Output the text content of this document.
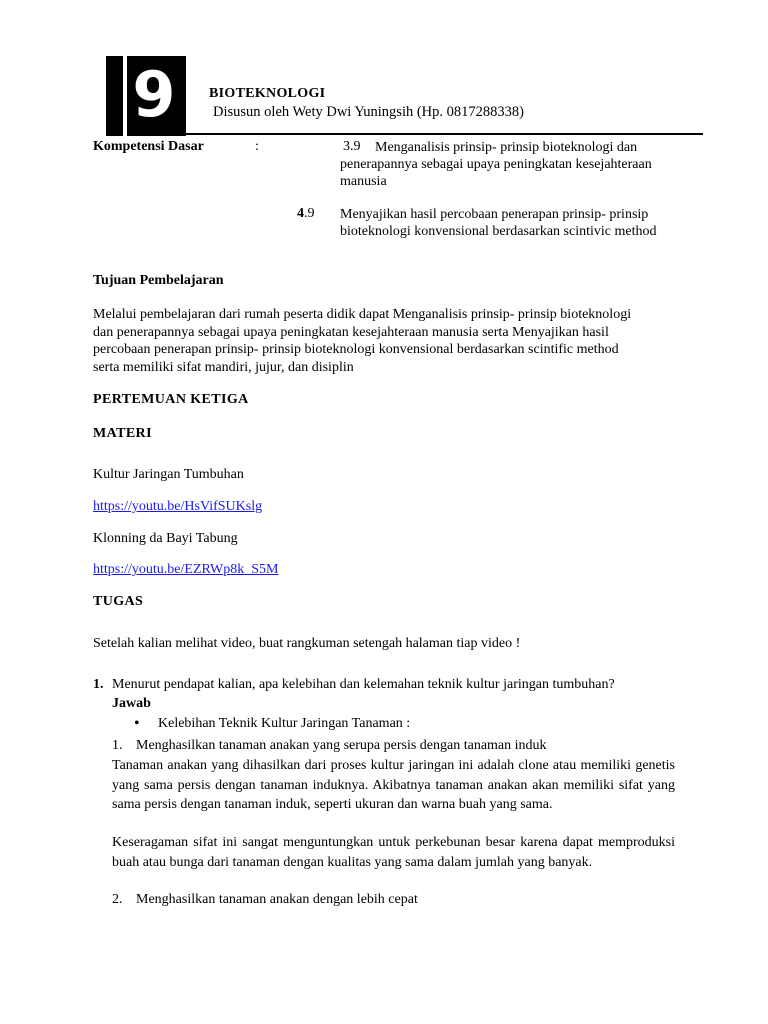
9	BIOTEKNOLOGI
Disusun oleh Wety Dwi Yuningsih (Hp. 0817288338)
Kompetensi Dasar	:	3.9	Menganalisis prinsip- prinsip bioteknologi dan penerapannya sebagai upaya peningkatan kesejahteraan manusia
4.9 Menyajikan hasil percobaan penerapan prinsip- prinsip bioteknologi konvensional berdasarkan scintivic method
Tujuan Pembelajaran
Melalui pembelajaran dari rumah peserta didik dapat Menganalisis prinsip- prinsip bioteknologi dan penerapannya sebagai upaya peningkatan kesejahteraan manusia serta Menyajikan hasil percobaan penerapan prinsip- prinsip bioteknologi konvensional berdasarkan scintific method serta memiliki sifat mandiri, jujur, dan disiplin
PERTEMUAN KETIGA
MATERI
Kultur Jaringan Tumbuhan
https://youtu.be/HsVifSUKslg
Klonning da Bayi Tabung
https://youtu.be/EZRWp8k_S5M
TUGAS
Setelah kalian melihat video, buat rangkuman setengah halaman tiap video !
1. Menurut pendapat kalian, apa kelebihan dan kelemahan teknik kultur jaringan tumbuhan?
Jawab
• Kelebihan Teknik Kultur Jaringan Tanaman :
1. Menghasilkan tanaman anakan yang serupa persis dengan tanaman induk
Tanaman anakan yang dihasilkan dari proses kultur jaringan ini adalah clone atau memiliki genetis yang sama persis dengan tanaman induknya. Akibatnya tanaman anakan akan memiliki sifat yang sama persis dengan tanaman induk, seperti ukuran dan warna buah yang sama.
Keseragaman sifat ini sangat menguntungkan untuk perkebunan besar karena dapat memproduksi buah atau bunga dari tanaman dengan kualitas yang sama dalam jumlah yang banyak.
2. Menghasilkan tanaman anakan dengan lebih cepat
